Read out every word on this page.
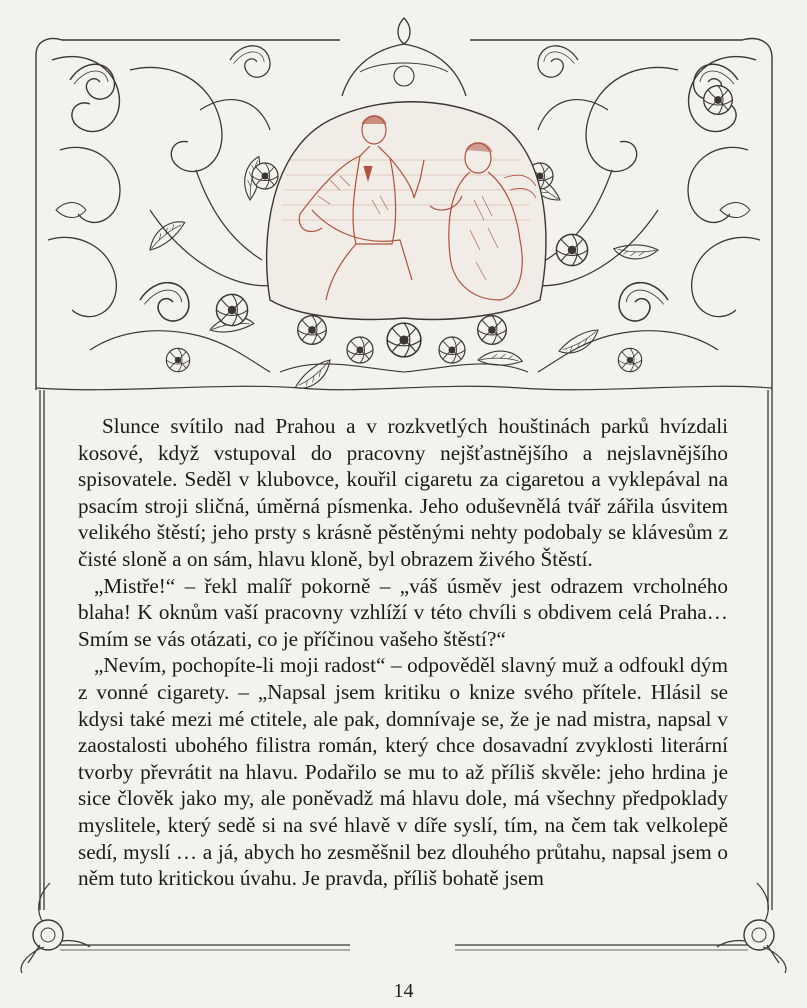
Slunce svítilo nad Prahou a v rozkvetlých houštinách parků hvízdali kosové, když vstupoval do pracovny nejšťastnějšího a nejslavnějšího spisovatele. Seděl v klubovce, kouřil cigaretu za cigaretou a vyklepával na psacím stroji sličná, úměrná písmenka. Jeho oduševnělá tvář zářila úsvitem velikého štěstí; jeho prsty s krásně pěstěnými nehty podobaly se klávesům z čisté sloně a on sám, hlavu kloně, byl obrazem živého Štěstí.

„Mistře!“ – řekl malíř pokorně – „váš úsměv jest odrazem vrcholného blaha! K oknům vaší pracovny vzhlíží v této chvíli s obdivem celá Praha… Smím se vás otázati, co je příčinou vašeho štěstí?“

„Nevím, pochopíte-li moji radost“ – odpověděl slavný muž a odfoukl dým z vonné cigarety. – „Napsal jsem kritiku o knize svého přítele. Hlásil se kdysi také mezi mé ctitele, ale pak, domnívaje se, že je nad mistra, napsal v zaostalosti ubohého filistra román, který chce dosavadní zvyklosti literární tvorby převrátit na hlavu. Podařilo se mu to až příliš skvěle: jeho hrdina je sice člověk jako my, ale poněvadž má hlavu dole, má všechny předpoklady myslitele, který sedě si na své hlavě v díře syslí, tím, na čem tak velkolepě sedí, myslí … a já, abych ho zesměšnil bez dlouhého průtahu, napsal jsem o něm tuto kritickou úvahu. Je pravda, příliš bohatě jsem

14
